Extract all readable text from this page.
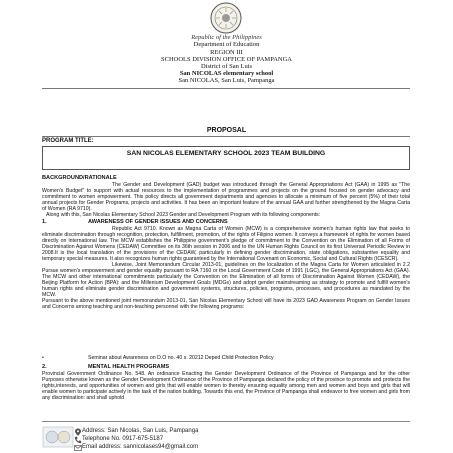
Republic of the Philippines
Department of Education
REGION III
SCHOOLS DIVISION OFFICE OF PAMPANGA
District of San Luis
San NICOLAS elementary school
San NICOLAS, San Luis, Pampanga
PROPOSAL
PROGRAM TITLE:
SAN NICOLAS ELEMENTARY SCHOOL 2023 TEAM BUILDING
BACKGROUND/RATIONALE

The Gender and Development (GAD) budget was introduced through the General Appropriations Act (GAA) in 1995 as "The Women's Budget" to support with actual resources to the implementation of programmes and projects on the ground focused on gender advocacy and commitment to women empowerment. This policy directs all government departments and agencies to allocate a minimum of five percent (5%) of their total annual projects for Gender Programs, projects and activities. It has been an important feature of the annual GAA and further strengthened by the Magna Carta of Women (RA 9710).

Along with this, San Nicolas Elementary School 2023 Gender and Development Program with its following components:

1.	AWARENESS OF GENDER ISSUES AND CONCERNS

Republic Act 9710. Known as Magna Carta of Women (MCW) is a comprehensive women's human rights law that seeks to eliminate discrimination through recognition, protection, fulfillment, promotion, of the rights of Filipino women. It conveys a framework of rights for women based directly on international law. The MCW establishes the Philippine government's pledge of commitment to the Convention on the Elimination of all Forms of Discrimination Against Womens (CEDAW) Committee on its 36th session in 2006 and to the UN Human Rights Council on its first Universal Periodic Review in 2008.It is the local translation of the provisions of the CEDAW, particularly in defining gender discrimination, state obligations, substantive equality and temporary special measures. It also recognizes human rights guaranteed by the International Covenant on Economic, Social and Cultural Rights (ICESCR).

Likewise, Joint Memorandum Circular 2013-01, guidelines on the localization of the Magna Carta for Women articulated in 2.2 Pursue women's empowerment and gender equality pursuant to RA 7160 or the Local Government Code of 1991 (LGC), the General Appropriations Act (GAA). The MCW and other international commitments particularly the Convention on the Elimination of all forms of Discrimination Against Women (CEDAW), the Beijing Platform for Action (BPA): and the Millenium Development Goals (MDGs) and adopt gender mainstreaming as strategy to promote and fulfill women's human rights and eliminate gender discrimination and government systems, structures, policies, programs, processes, and procedures as mandated by the MCW.

Pursuant to the above mentioned joint memorandum 2013-01, San Nicolas Elementary School will have its 2023 GAD Awareness Program on Gender Issues and Concerns among teaching and non-teaching personnel with the following programs:

•	Seminar about Awareness on D.O no. 40 s. 20212 Deped Child Protection Policy
2.	MENTAL HEALTH PROGRAMS

Provincial Government Ordinance No. 548. An ordinance Enacting the Gender Development Ordinance of the Province of Pampanga and for the other Purposes otherwise known as the Gender Development Ordinance of the Province of Pampanga declared the policy of the province to promote and protects the rights,interests, and opportunities of women and girls that will enable women to thereby ensuring equality among men and women and boys and girls that will enable women to participate actively in the task of the nation building. Towards this end, the Province of Pampanga shall endeavor to free women and girls from any discrimination: and shall uphold

Address: San Nicolas, San Luis, Pampanga
Telephone No. 0917-675-5187
Email address: sannicolases94@gmail.com
